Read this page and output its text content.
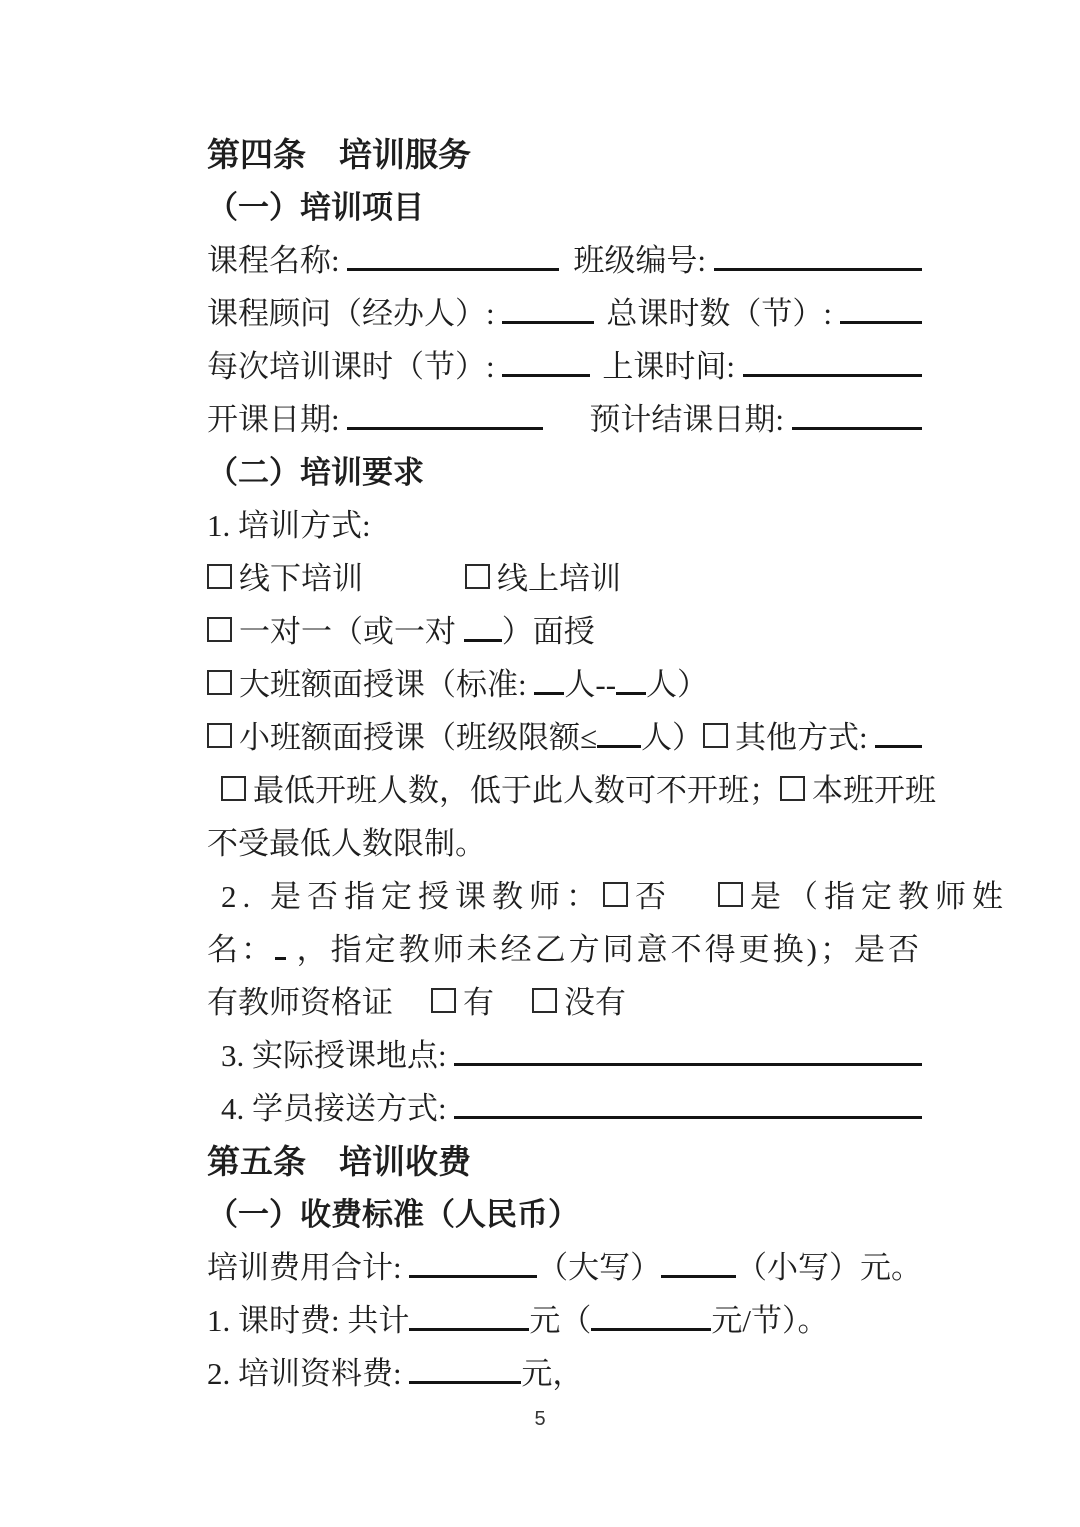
第四条　培训服务
（一）培训项目
课程名称:	班级编号:
课程顾问（经办人）:	总课时数（节）:
每次培训课时（节）:	上课时间:
开课日期:	预计结课日期:
（二）培训要求
1. 培训方式:
线下培训	线上培训
一对一（或一对 ）面授
大班额面授课（标准: 人-- 人）
小班额面授课（班级限额≤ 人） 其他方式:
最低开班人数 ，低于此人数可不开班； 本班开班
不受最低人数限制。
2. 是否指定授课教师： 否	是（指定教师姓
名： ，指定教师未经乙方同意不得更换)；是否
有教师资格证 有 没有
3. 实际授课地点:
4. 学员接送方式:
第五条　培训收费
（一）收费标准（人民币）
培训费用合计:	（大写） （小写）元。
1. 课时费: 共计	元（	元/节）。
2. 培训资料费:	元，
5
